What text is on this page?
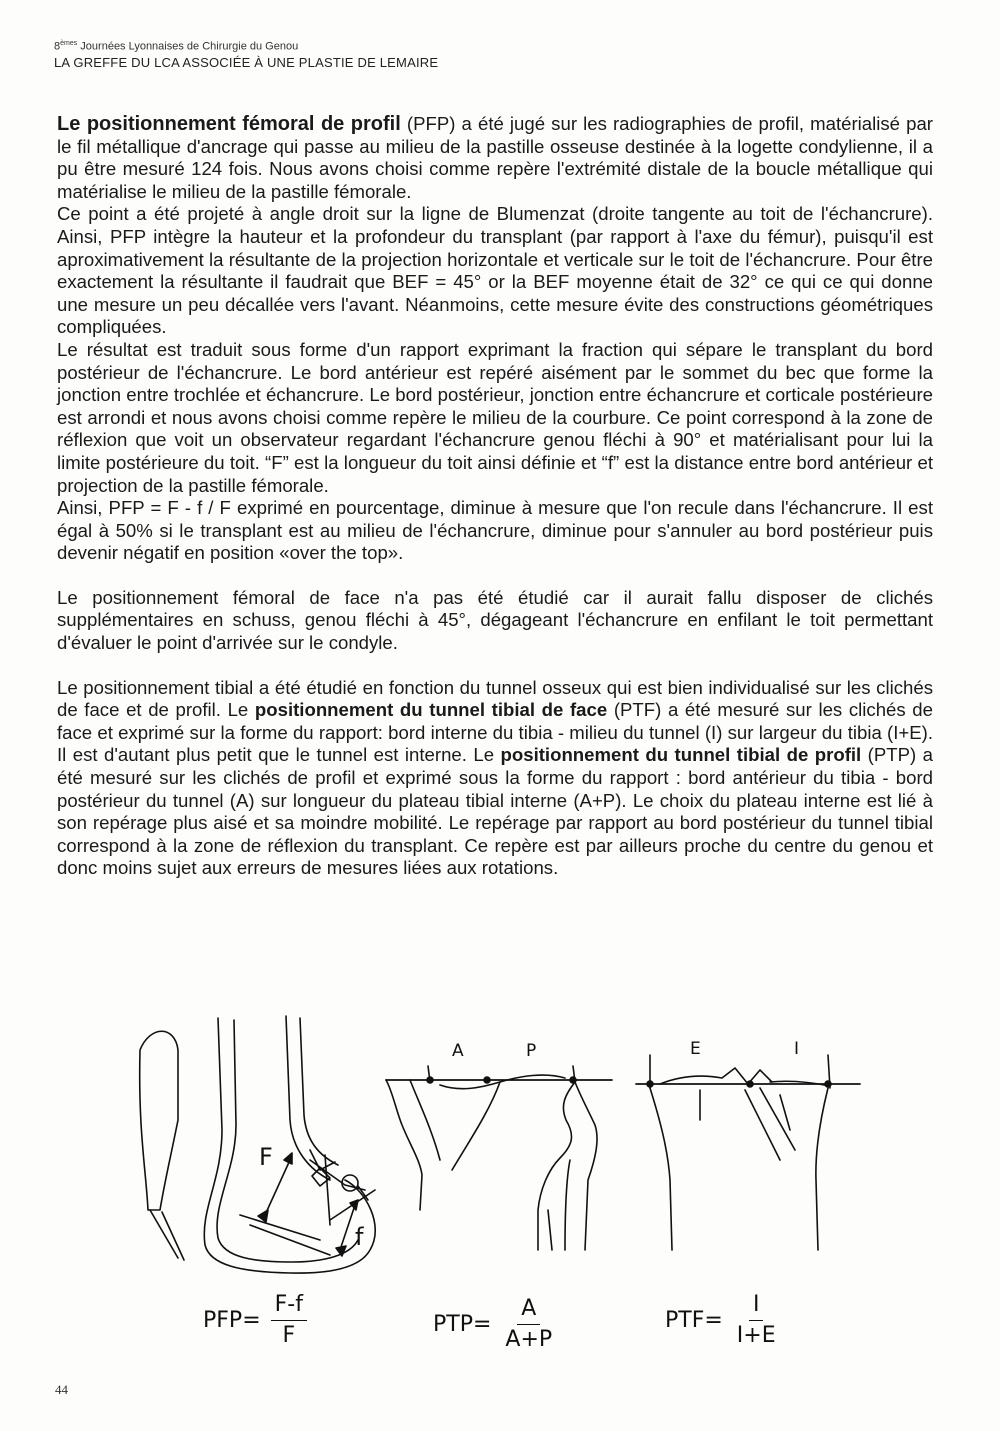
8èmes Journées Lyonnaises de Chirurgie du Genou
LA GREFFE DU LCA ASSOCIÉE À UNE PLASTIE DE LEMAIRE

Le positionnement fémoral de profil (PFP) a été jugé sur les radiographies de profil, matérialisé par le fil métallique d'ancrage qui passe au milieu de la pastille osseuse destinée à la logette condylienne, il a pu être mesuré 124 fois. Nous avons choisi comme repère l'extrémité distale de la boucle métallique qui matérialise le milieu de la pastille fémorale.

Ce point a été projeté à angle droit sur la ligne de Blumenzat (droite tangente au toit de l'échancrure). Ainsi, PFP intègre la hauteur et la profondeur du transplant (par rapport à l'axe du fémur), puisqu'il est aproximativement la résultante de la projection horizontale et verticale sur le toit de l'échancrure. Pour être exactement la résultante il faudrait que BEF = 45° or la BEF moyenne était de 32° ce qui ce qui donne une mesure un peu décallée vers l'avant. Néanmoins, cette mesure évite des constructions géométriques compliquées.

Le résultat est traduit sous forme d'un rapport exprimant la fraction qui sépare le transplant du bord postérieur de l'échancrure. Le bord antérieur est repéré aisément par le sommet du bec que forme la jonction entre trochlée et échancrure. Le bord postérieur, jonction entre échancrure et corticale postérieure est arrondi et nous avons choisi comme repère le milieu de la courbure. Ce point correspond à la zone de réflexion que voit un observateur regardant l'échancrure genou fléchi à 90° et matérialisant pour lui la limite postérieure du toit. “F” est la longueur du toit ainsi définie et “f” est la distance entre bord antérieur et projection de la pastille fémorale.

Ainsi, PFP = F - f / F exprimé en pourcentage, diminue à mesure que l'on recule dans l'échancrure. Il est égal à 50% si le transplant est au milieu de l'échancrure, diminue pour s'annuler au bord postérieur puis devenir négatif en position «over the top».

Le positionnement fémoral de face n'a pas été étudié car il aurait fallu disposer de clichés supplémentaires en schuss, genou fléchi à 45°, dégageant l'échancrure en enfilant le toit permettant d'évaluer le point d'arrivée sur le condyle.

Le positionnement tibial a été étudié en fonction du tunnel osseux qui est bien individualisé sur les clichés de face et de profil. Le positionnement du tunnel tibial de face (PTF) a été mesuré sur les clichés de face et exprimé sur la forme du rapport: bord interne du tibia - milieu du tunnel (I) sur largeur du tibia (I+E). Il est d'autant plus petit que le tunnel est interne. Le positionnement du tunnel tibial de profil (PTP) a été mesuré sur les clichés de profil et exprimé sous la forme du rapport : bord antérieur du tibia - bord postérieur du tunnel (A) sur longueur du plateau tibial interne (A+P). Le choix du plateau interne est lié à son repérage plus aisé et sa moindre mobilité. Le repérage par rapport au bord postérieur du tunnel tibial correspond à la zone de réflexion du transplant. Ce repère est par ailleurs proche du centre du genou et donc moins sujet aux erreurs de mesures liées aux rotations.

F
f
A	P	E	I
$PFP= \frac{F-f}{F}$	$PTP= \frac{A}{A+P}$	$PTF= \frac{I}{I+E}$
44
